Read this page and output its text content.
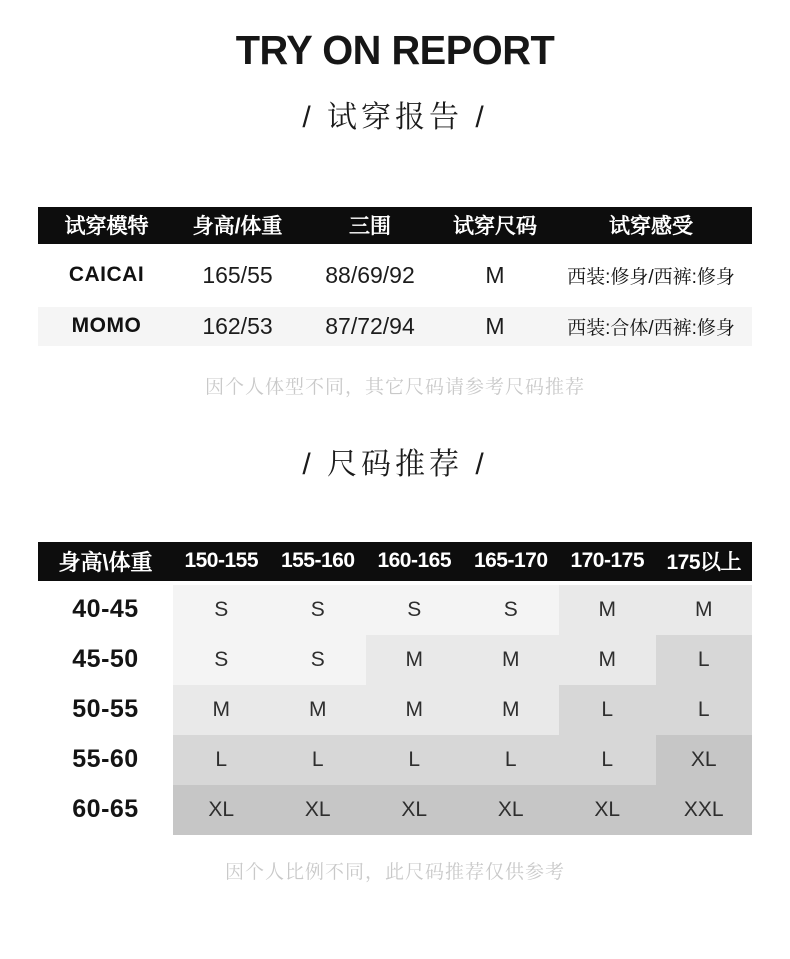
TRY ON REPORT
/ 试穿报告 /
试穿模特	身高/体重	三围	试穿尺码	试穿感受
CAICAI	165/55	88/69/92	M	西装:修身/西裤:修身
MOMO	162/53	87/72/94	M	西装:合体/西裤:修身
因个人体型不同，其它尺码请参考尺码推荐
/ 尺码推荐 /
身高\体重	150-155	155-160	160-165	165-170	170-175	175以上
40-45	S	S	S	S	M	M
45-50	S	S	M	M	M	L
50-55	M	M	M	M	L	L
55-60	L	L	L	L	L	XL
60-65	XL	XL	XL	XL	XL	XXL
因个人比例不同，此尺码推荐仅供参考
